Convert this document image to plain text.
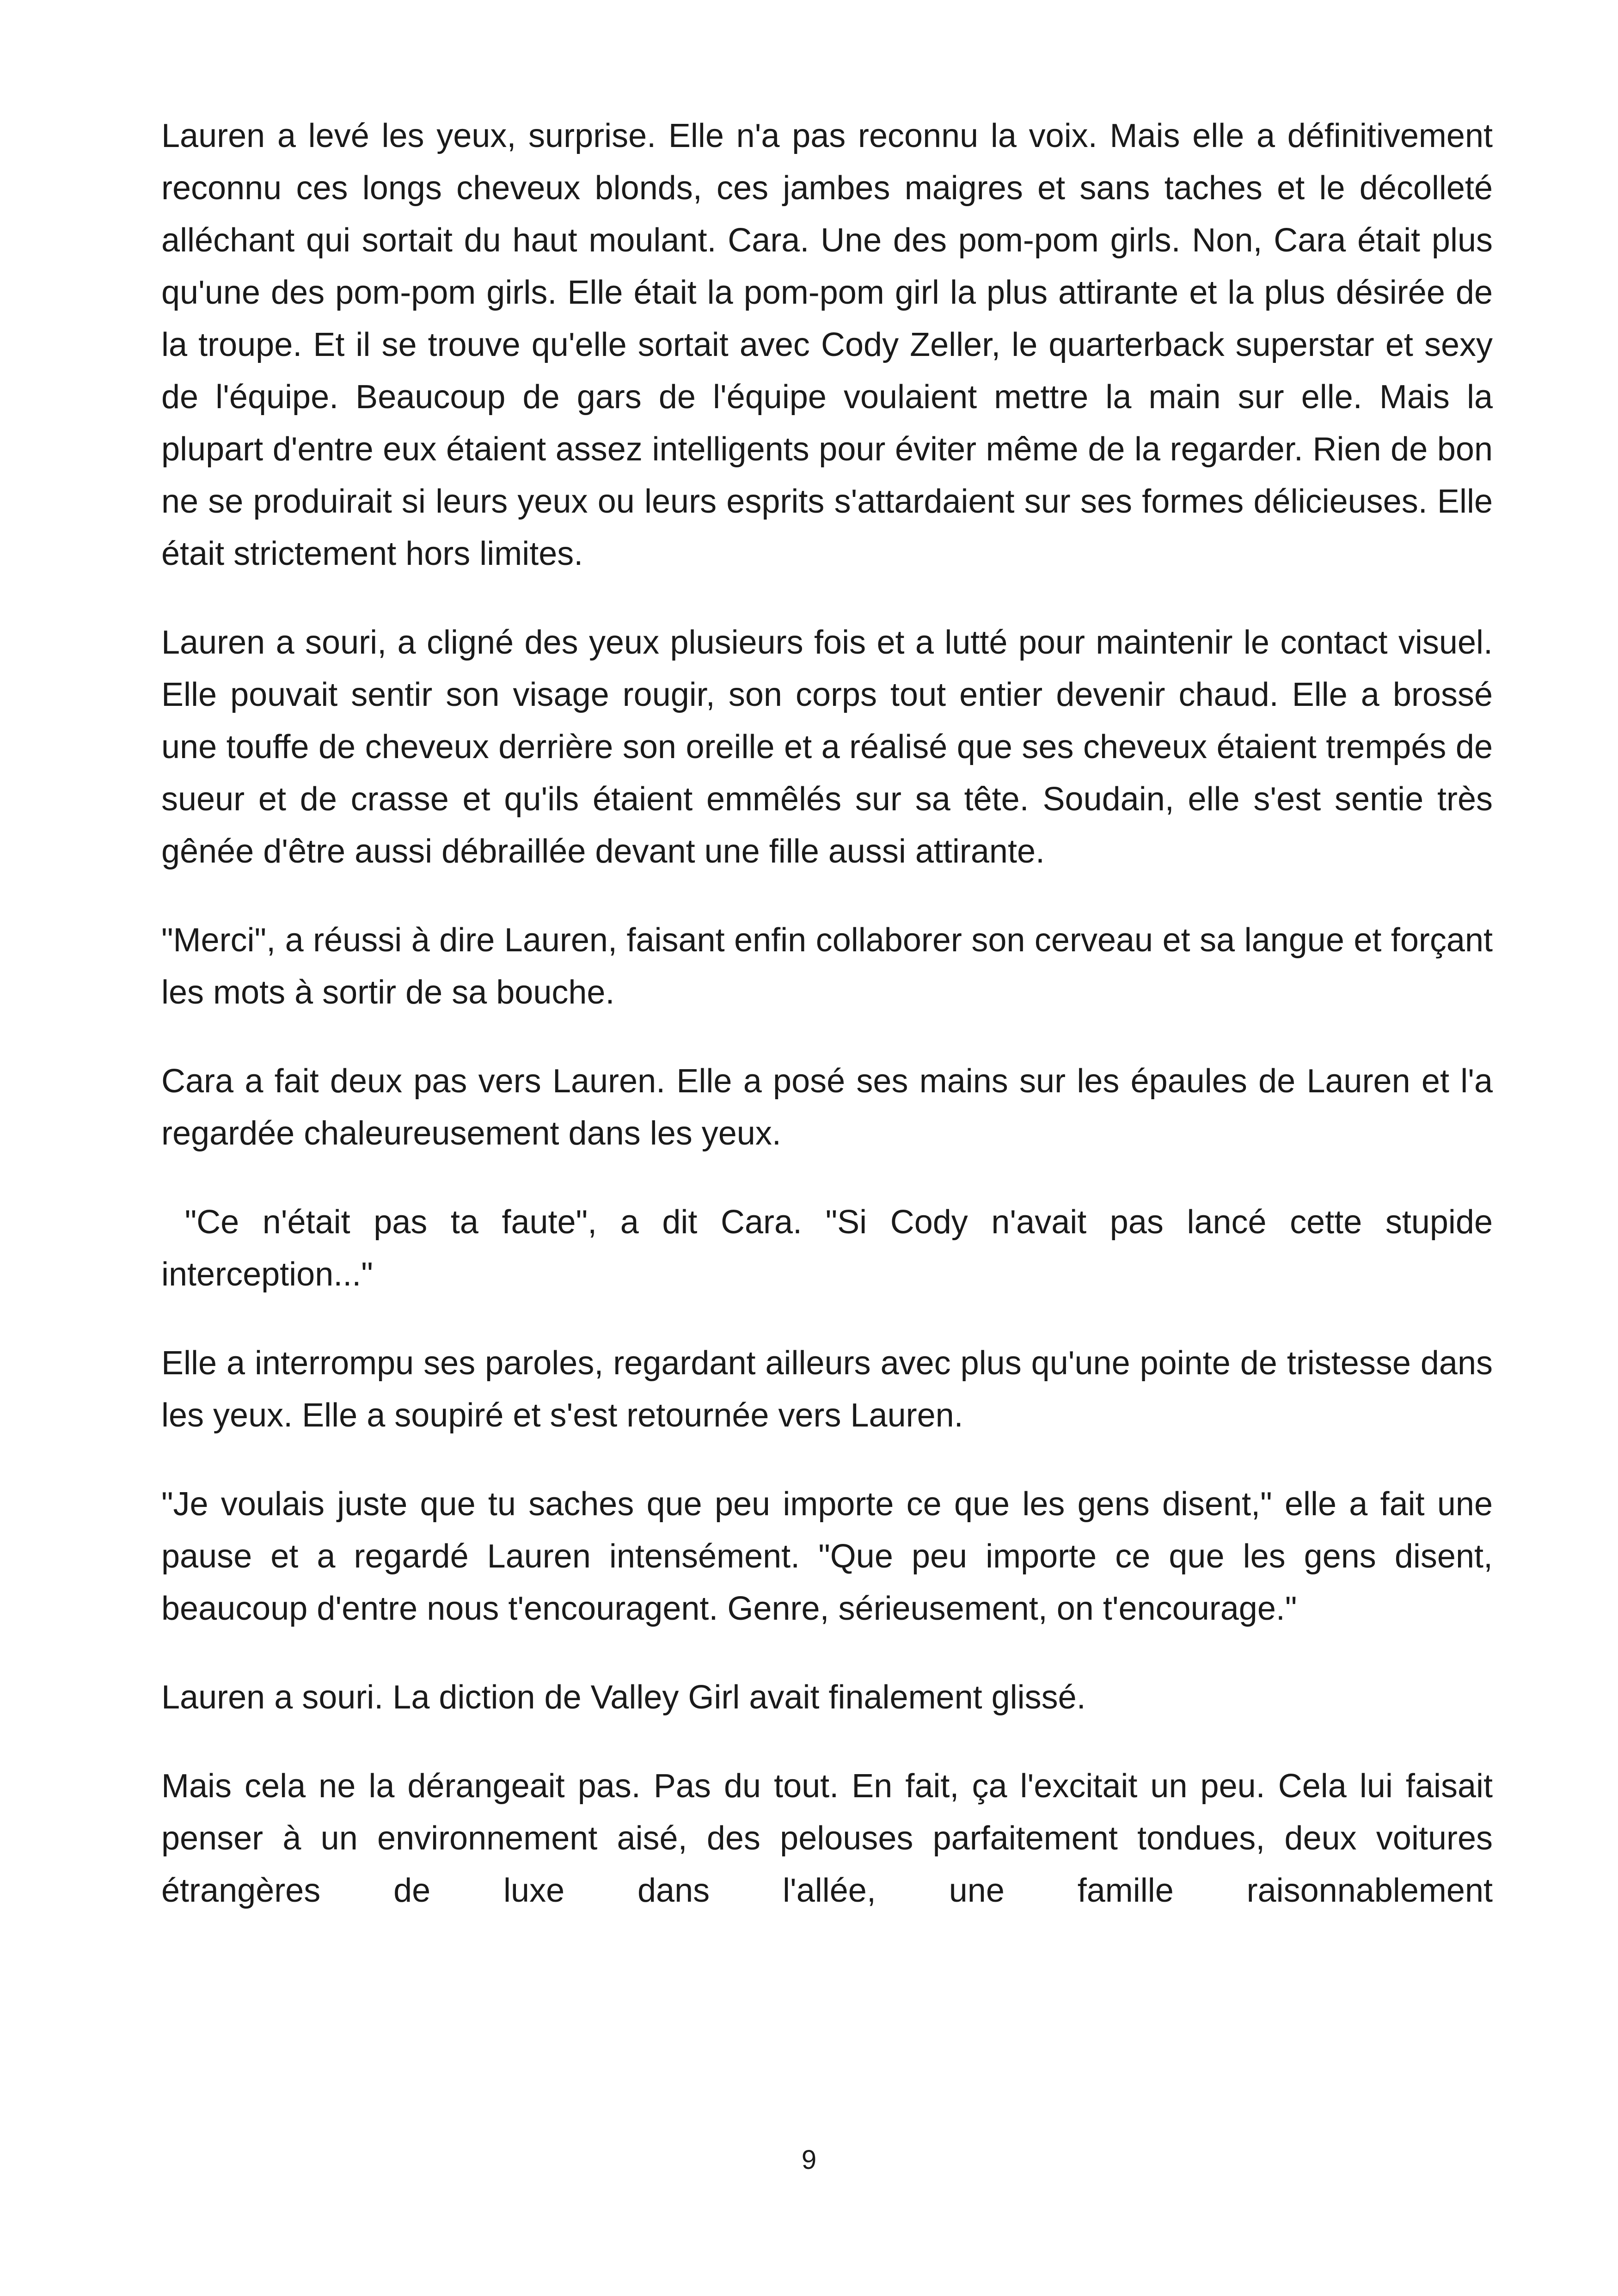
Lauren a levé les yeux, surprise. Elle n'a pas reconnu la voix. Mais elle a définitivement reconnu ces longs cheveux blonds, ces jambes maigres et sans taches et le décolleté alléchant qui sortait du haut moulant. Cara. Une des pom-pom girls. Non, Cara était plus qu'une des pom-pom girls. Elle était la pom-pom girl la plus attirante et la plus désirée de la troupe. Et il se trouve qu'elle sortait avec Cody Zeller, le quarterback superstar et sexy de l'équipe. Beaucoup de gars de l'équipe voulaient mettre la main sur elle. Mais la plupart d'entre eux étaient assez intelligents pour éviter même de la regarder. Rien de bon ne se produirait si leurs yeux ou leurs esprits s'attardaient sur ses formes délicieuses. Elle était strictement hors limites.

Lauren a souri, a cligné des yeux plusieurs fois et a lutté pour maintenir le contact visuel. Elle pouvait sentir son visage rougir, son corps tout entier devenir chaud. Elle a brossé une touffe de cheveux derrière son oreille et a réalisé que ses cheveux étaient trempés de sueur et de crasse et qu'ils étaient emmêlés sur sa tête. Soudain, elle s'est sentie très gênée d'être aussi débraillée devant une fille aussi attirante.

"Merci", a réussi à dire Lauren, faisant enfin collaborer son cerveau et sa langue et forçant les mots à sortir de sa bouche.

Cara a fait deux pas vers Lauren. Elle a posé ses mains sur les épaules de Lauren et l'a regardée chaleureusement dans les yeux.

"Ce n'était pas ta faute", a dit Cara. "Si Cody n'avait pas lancé cette stupide interception..."

Elle a interrompu ses paroles, regardant ailleurs avec plus qu'une pointe de tristesse dans les yeux. Elle a soupiré et s'est retournée vers Lauren.

"Je voulais juste que tu saches que peu importe ce que les gens disent," elle a fait une pause et a regardé Lauren intensément. "Que peu importe ce que les gens disent, beaucoup d'entre nous t'encouragent. Genre, sérieusement, on t'encourage."

Lauren a souri. La diction de Valley Girl avait finalement glissé.

Mais cela ne la dérangeait pas. Pas du tout. En fait, ça l'excitait un peu. Cela lui faisait penser à un environnement aisé, des pelouses parfaitement tondues, deux voitures étrangères de luxe dans l'allée, une famille raisonnablement

9
